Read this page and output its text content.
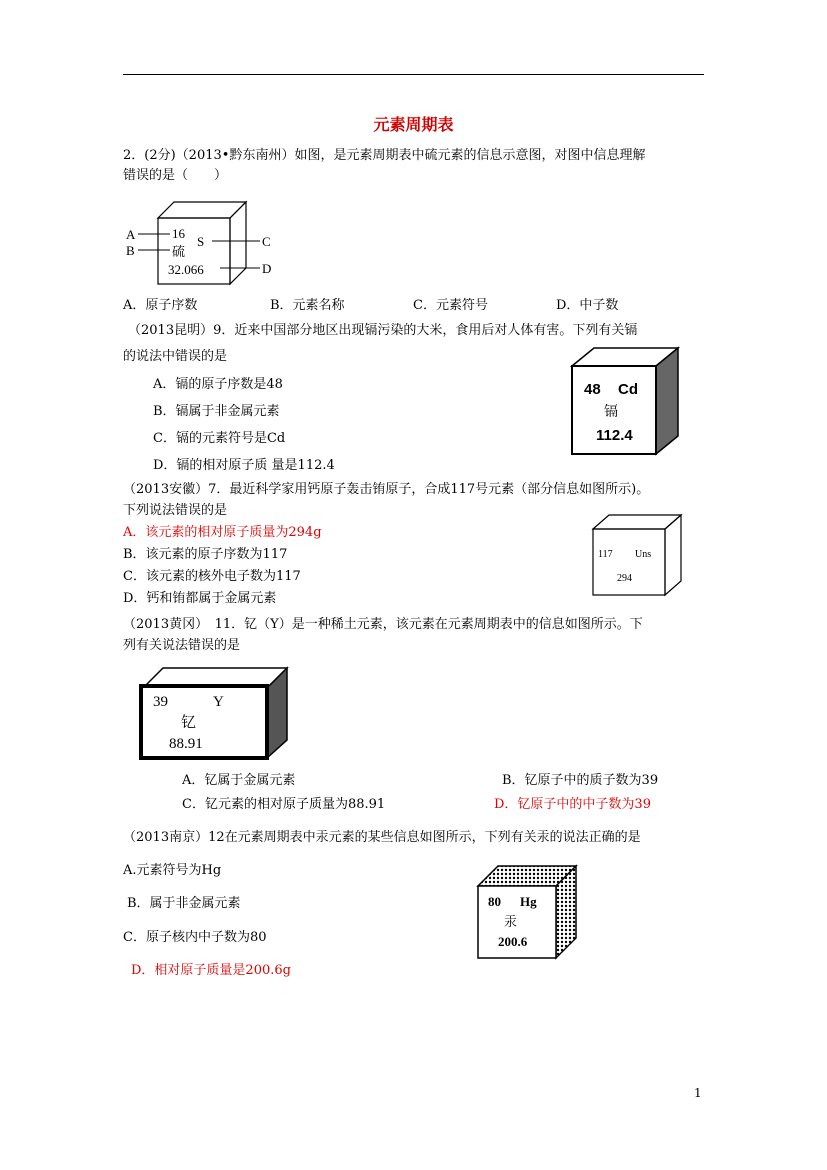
元素周期表
2．(2分)（2013•黔东南州）如图，是元素周期表中硫元素的信息示意图，对图中信息理解
错误的是（　　）
A
B
16
S
硫
32.066
C
D
A．原子序数	B．元素名称	C．元素符号	D．中子数
（2013昆明）9．近来中国部分地区出现镉污染的大米，食用后对人体有害。下列有关镉
的说法中错误的是
A．镉的原子序数是48
B．镉属于非金属元素
C．镉的元素符号是Cd
D．镉的相对原子质 量是112.4
48 Cd
镉
112.4
（2013安徽）7．最近科学家用钙原子轰击铕原子，合成117号元素（部分信息如图所示)。
下列说法错误的是
A．该元素的相对原子质量为294g
B．该元素的原子序数为117
C．该元素的核外电子数为117
D．钙和铕都属于金属元素
117 Uns
294
（2013黄冈）　11．钇（Y）是一种稀土元素，该元素在元素周期表中的信息如图所示。下
列有关说法错误的是
39	Y
钇
88.91
A．钇属于金属元素	B．钇原子中的质子数为39
C．钇元素的相对原子质量为88.91	D．钇原子中的中子数为39
（2013南京）12在元素周期表中汞元素的某些信息如图所示，下列有关汞的说法正确的是
A.元素符号为Hg
B．属于非金属元素
C．原子核内中子数为80
D．相对原子质量是200.6g
80 Hg
汞
200.6
1
